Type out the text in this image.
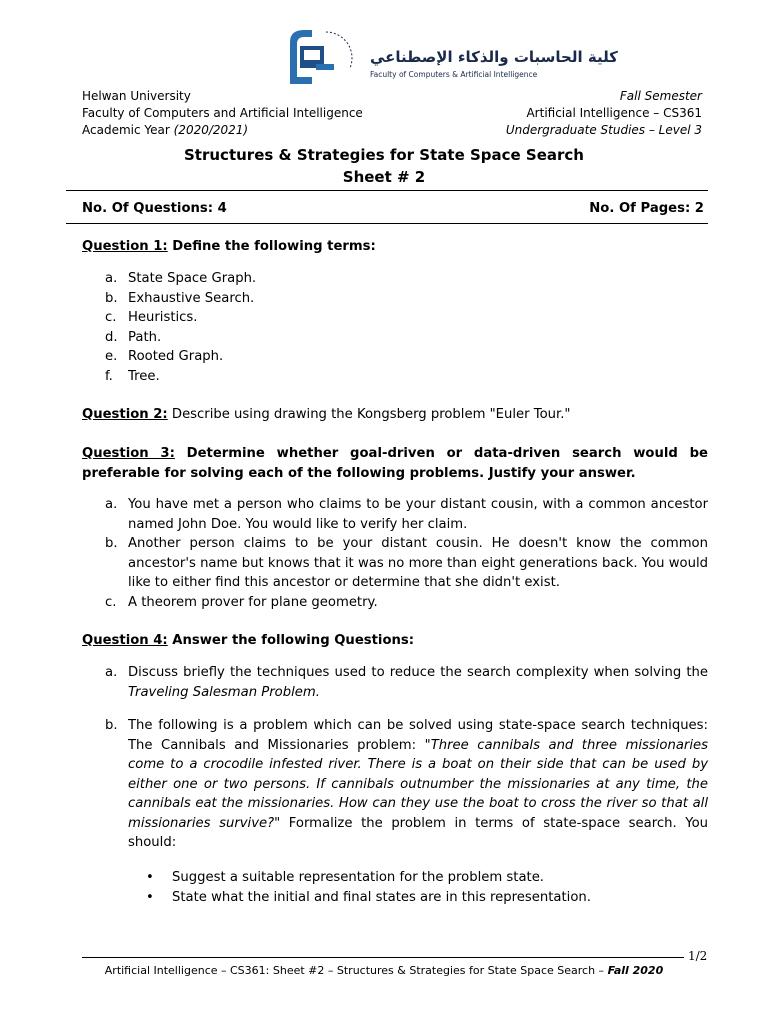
كلية الحاسبات والذكاء الإصطناعي
Faculty of Computers & Artificial Intelligence
Helwan University
Faculty of Computers and Artificial Intelligence
Academic Year (2020/2021)
Fall Semester
Artificial Intelligence – CS361
Undergraduate Studies – Level 3
Structures & Strategies for State Space Search
Sheet # 2
No. Of Questions: 4	No. Of Pages: 2
Question 1: Define the following terms:
a. State Space Graph.
b. Exhaustive Search.
c. Heuristics.
d. Path.
e. Rooted Graph.
f. Tree.
Question 2: Describe using drawing the Kongsberg problem "Euler Tour."
Question 3: Determine whether goal-driven or data-driven search would be preferable for solving each of the following problems. Justify your answer.
a. You have met a person who claims to be your distant cousin, with a common ancestor named John Doe. You would like to verify her claim.
b. Another person claims to be your distant cousin. He doesn't know the common ancestor's name but knows that it was no more than eight generations back. You would like to either find this ancestor or determine that she didn't exist.
c. A theorem prover for plane geometry.
Question 4: Answer the following Questions:
a. Discuss briefly the techniques used to reduce the search complexity when solving the Traveling Salesman Problem.
b. The following is a problem which can be solved using state-space search techniques: The Cannibals and Missionaries problem: "Three cannibals and three missionaries come to a crocodile infested river. There is a boat on their side that can be used by either one or two persons. If cannibals outnumber the missionaries at any time, the cannibals eat the missionaries. How can they use the boat to cross the river so that all missionaries survive?" Formalize the problem in terms of state-space search. You should:
• Suggest a suitable representation for the problem state.
• State what the initial and final states are in this representation.
1/2
Artificial Intelligence – CS361: Sheet #2 – Structures & Strategies for State Space Search – Fall 2020
